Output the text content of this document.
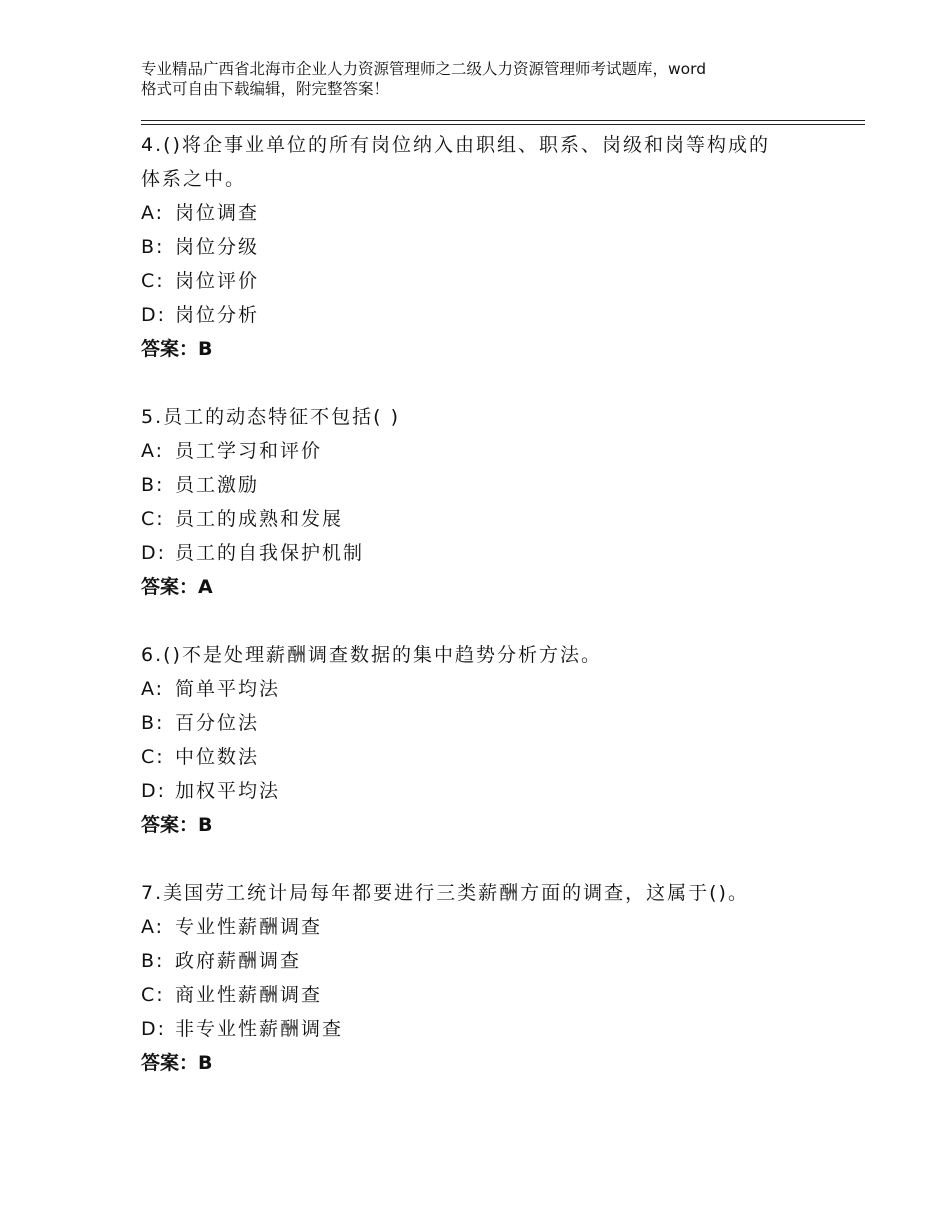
专业精品广西省北海市企业人力资源管理师之二级人力资源管理师考试题库，word
格式可自由下载编辑，附完整答案！
4.()将企事业单位的所有岗位纳入由职组、职系、岗级和岗等构成的
体系之中。
A: 岗位调查
B: 岗位分级
C: 岗位评价
D: 岗位分析
答案：B
5.员工的动态特征不包括( )
A: 员工学习和评价
B: 员工激励
C: 员工的成熟和发展
D: 员工的自我保护机制
答案：A
6.()不是处理薪酬调查数据的集中趋势分析方法。
A: 简单平均法
B: 百分位法
C: 中位数法
D: 加权平均法
答案：B
7.美国劳工统计局每年都要进行三类薪酬方面的调查，这属于()。
A: 专业性薪酬调查
B: 政府薪酬调查
C: 商业性薪酬调查
D: 非专业性薪酬调查
答案：B
